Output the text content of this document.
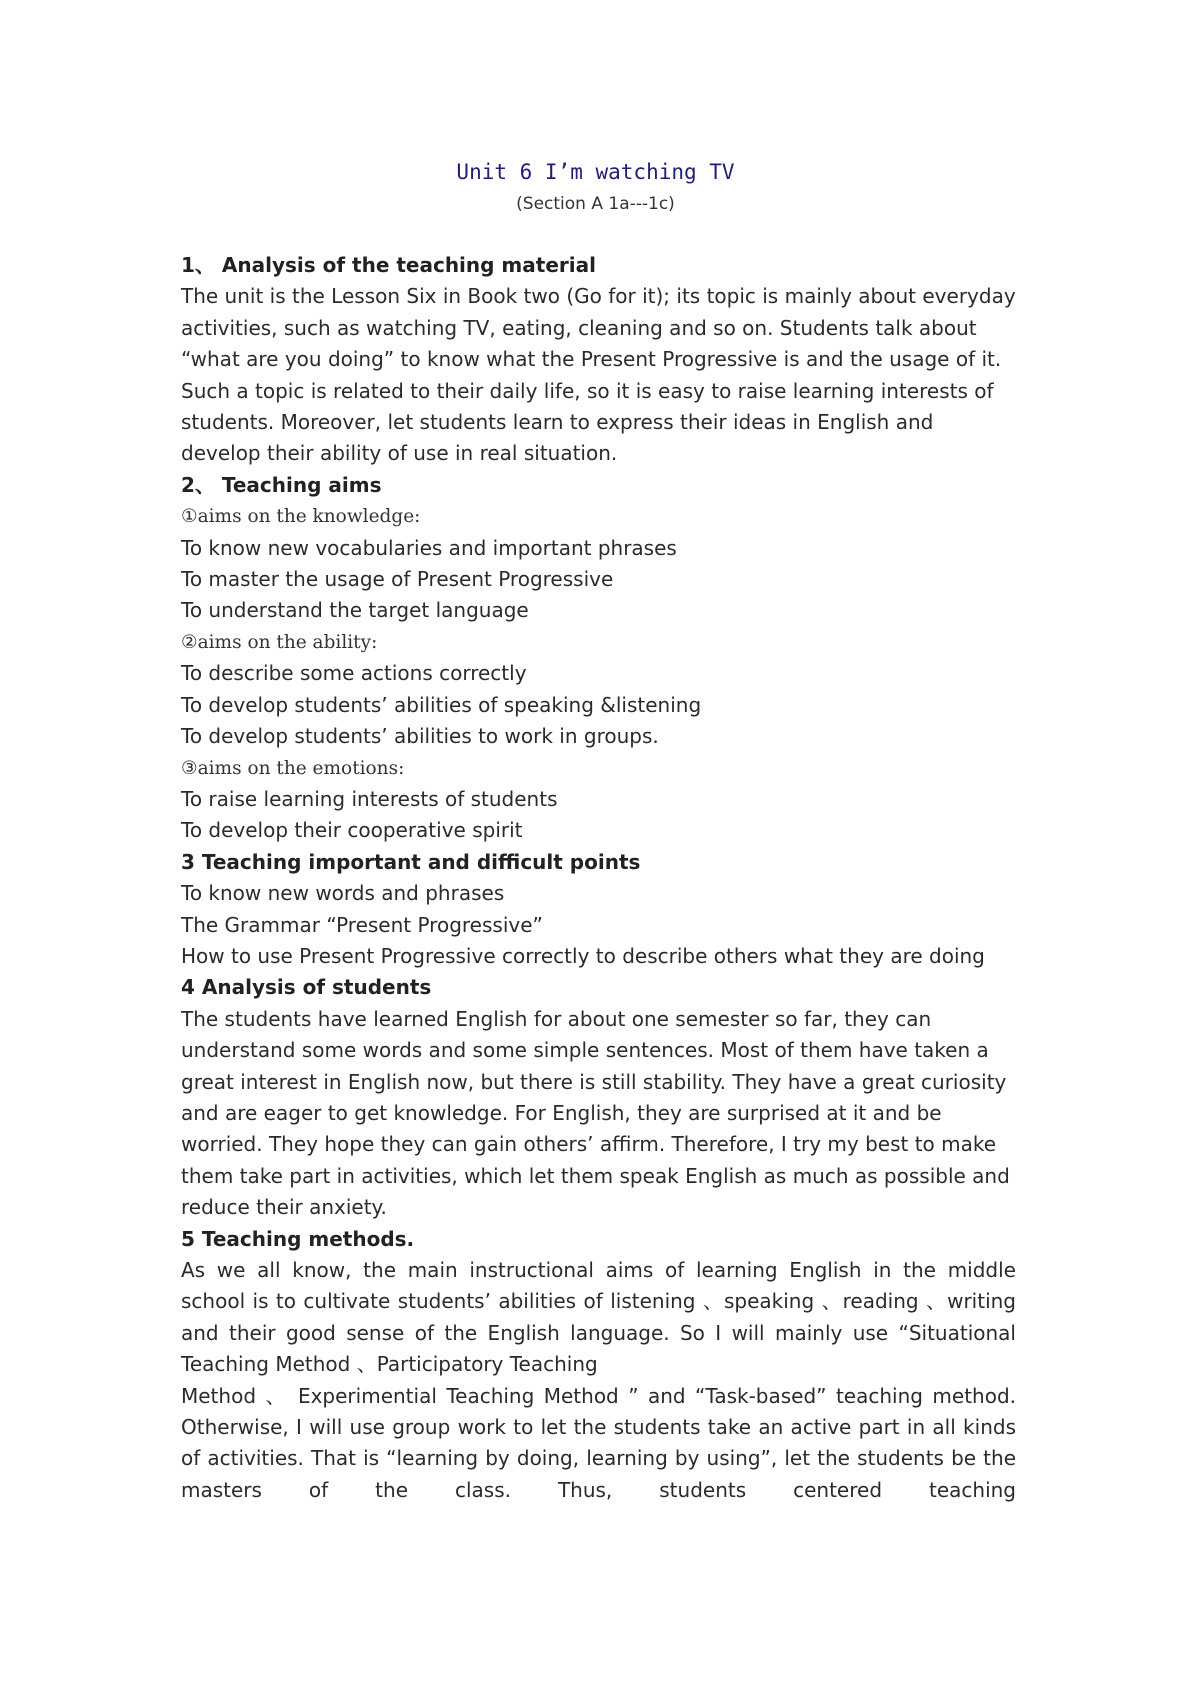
Unit 6 I’m watching TV
(Section A 1a---1c)

1、 Analysis of the teaching material

The unit is the Lesson Six in Book two (Go for it); its topic is mainly about everyday activities, such as watching TV, eating, cleaning and so on. Students talk about “what are you doing” to know what the Present Progressive is and the usage of it. Such a topic is related to their daily life, so it is easy to raise learning interests of students. Moreover, let students learn to express their ideas in English and develop their ability of use in real situation.

2、 Teaching aims

①aims on the knowledge:

To know new vocabularies and important phrases

To master the usage of Present Progressive

To understand the target language

②aims on the ability:

To describe some actions correctly

To develop students’ abilities of speaking &listening

To develop students’ abilities to work in groups.

③aims on the emotions:

To raise learning interests of students

To develop their cooperative spirit

3 Teaching important and difficult points

To know new words and phrases

The Grammar “Present Progressive”

How to use Present Progressive correctly to describe others what they are doing

4 Analysis of students

The students have learned English for about one semester so far, they can understand some words and some simple sentences. Most of them have taken a great interest in English now, but there is still stability. They have a great curiosity and are eager to get knowledge. For English, they are surprised at it and be worried. They hope they can gain others’ affirm. Therefore, I try my best to make them take part in activities, which let them speak English as much as possible and reduce their anxiety.

5 Teaching methods.

As we all know, the main instructional aims of learning English in the middle school is to cultivate students’ abilities of listening 、speaking 、reading 、writing and their good sense of the English language. So I will mainly use “Situational Teaching Method 、Participatory Teaching

Method 、 Experimential Teaching Method ” and “Task-based” teaching method. Otherwise, I will use group work to let the students take an active part in all kinds of activities. That is “learning by doing, learning by using”, let the students be the masters of the class. Thus, students centered teaching
